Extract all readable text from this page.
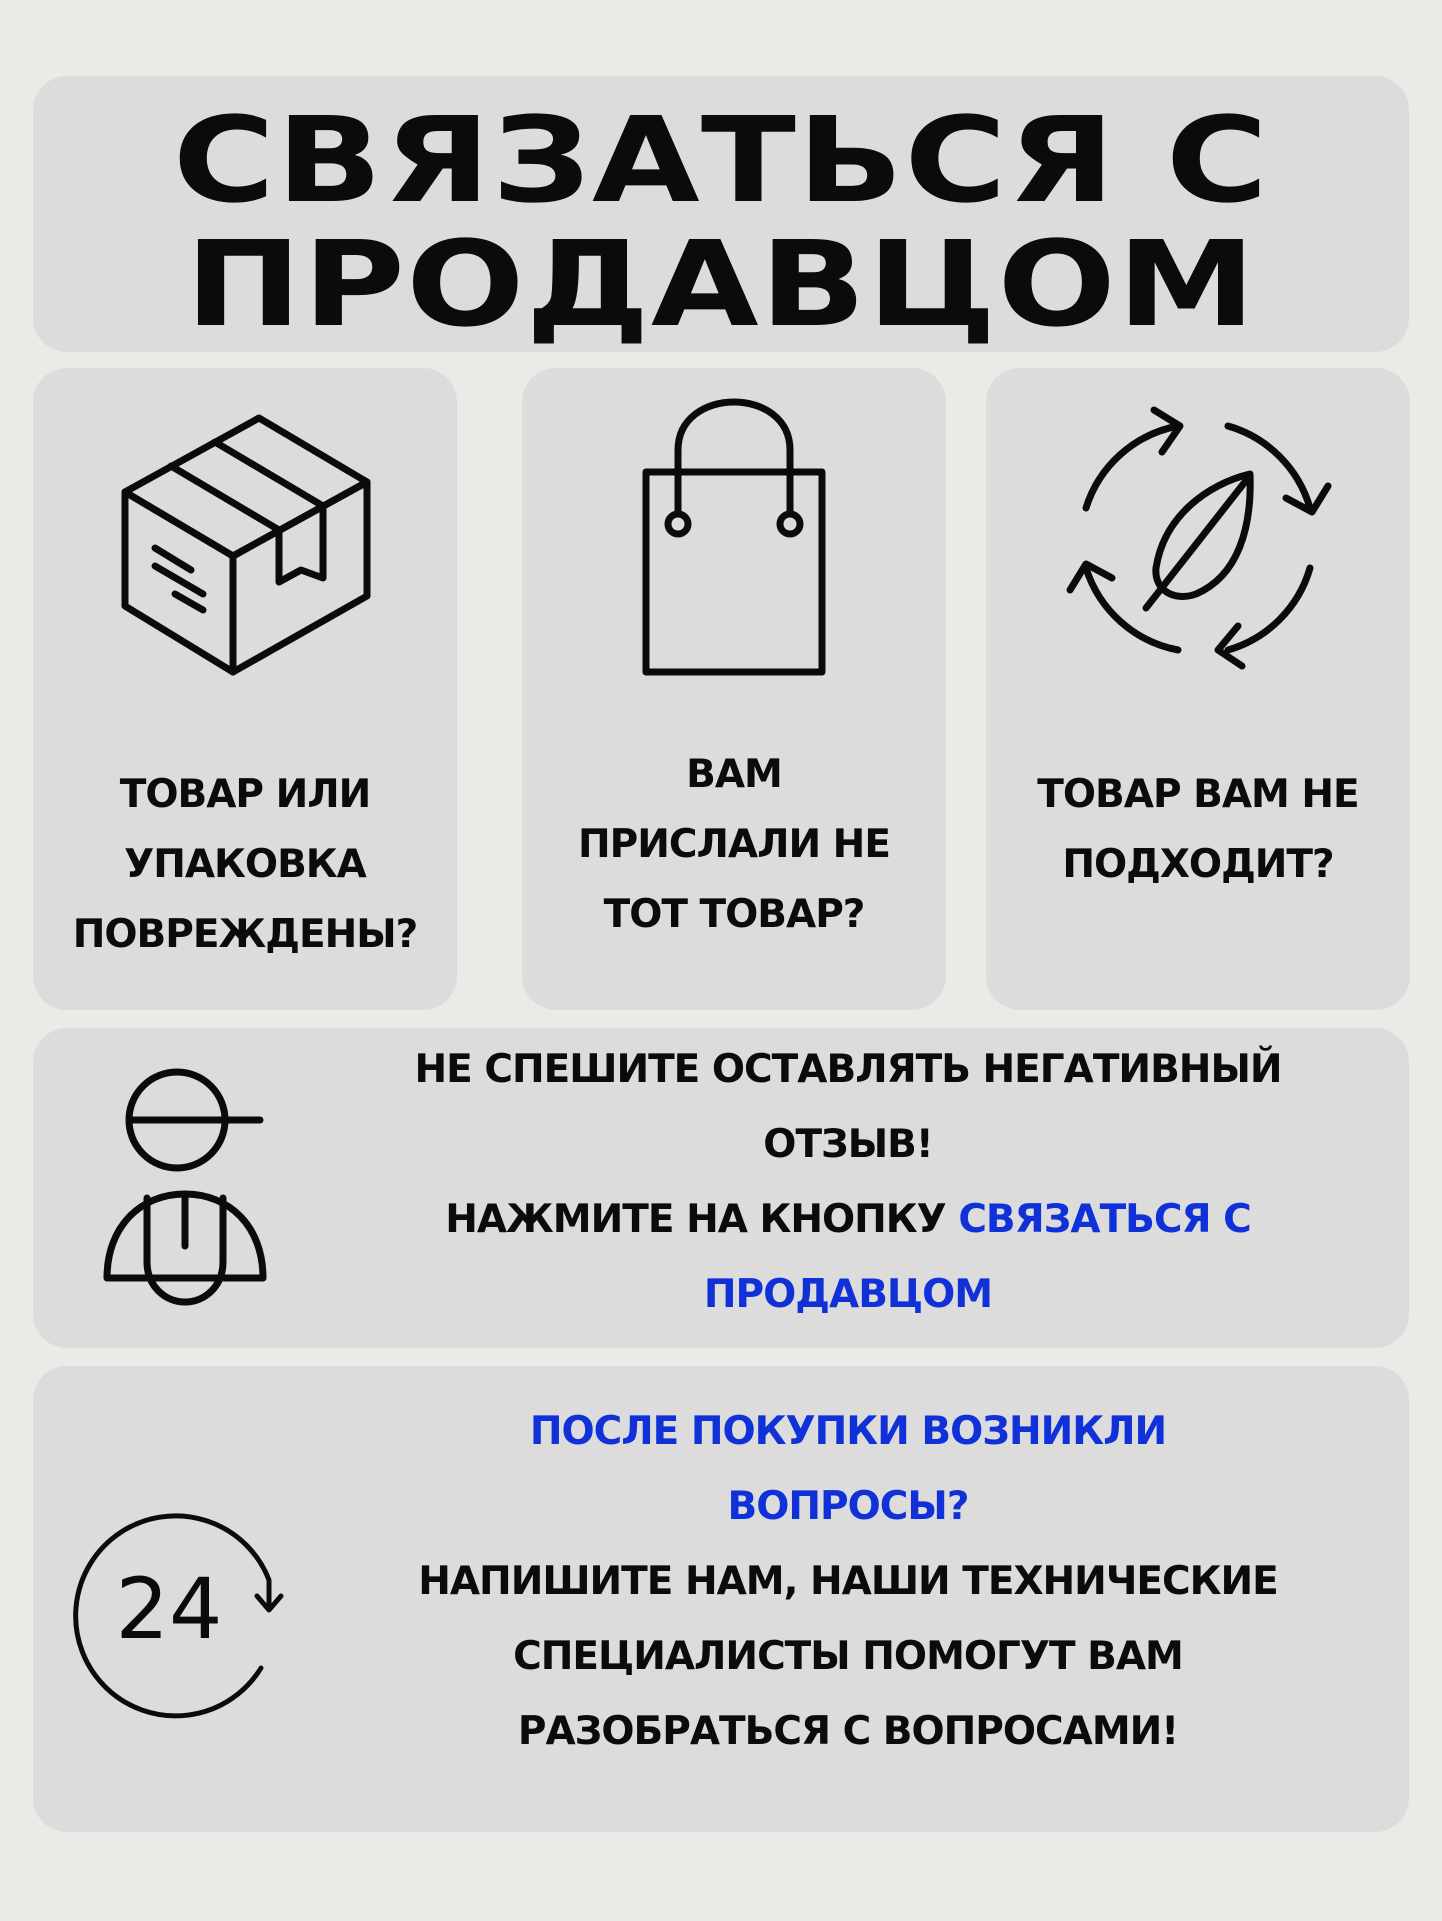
СВЯЗАТЬСЯ С
ПРОДАВЦОМ
ТОВАР ИЛИ
УПАКОВКА
ПОВРЕЖДЕНЫ?
ВАМ
ПРИСЛАЛИ НЕ
ТОТ ТОВАР?
ТОВАР ВАМ НЕ
ПОДХОДИТ?
НЕ СПЕШИТЕ ОСТАВЛЯТЬ НЕГАТИВНЫЙ
ОТЗЫВ!
НАЖМИТЕ НА КНОПКУ СВЯЗАТЬСЯ С
ПРОДАВЦОМ
24
ПОСЛЕ ПОКУПКИ ВОЗНИКЛИ
ВОПРОСЫ?
НАПИШИТЕ НАМ, НАШИ ТЕХНИЧЕСКИЕ
СПЕЦИАЛИСТЫ ПОМОГУТ ВАМ
РАЗОБРАТЬСЯ С ВОПРОСАМИ!
